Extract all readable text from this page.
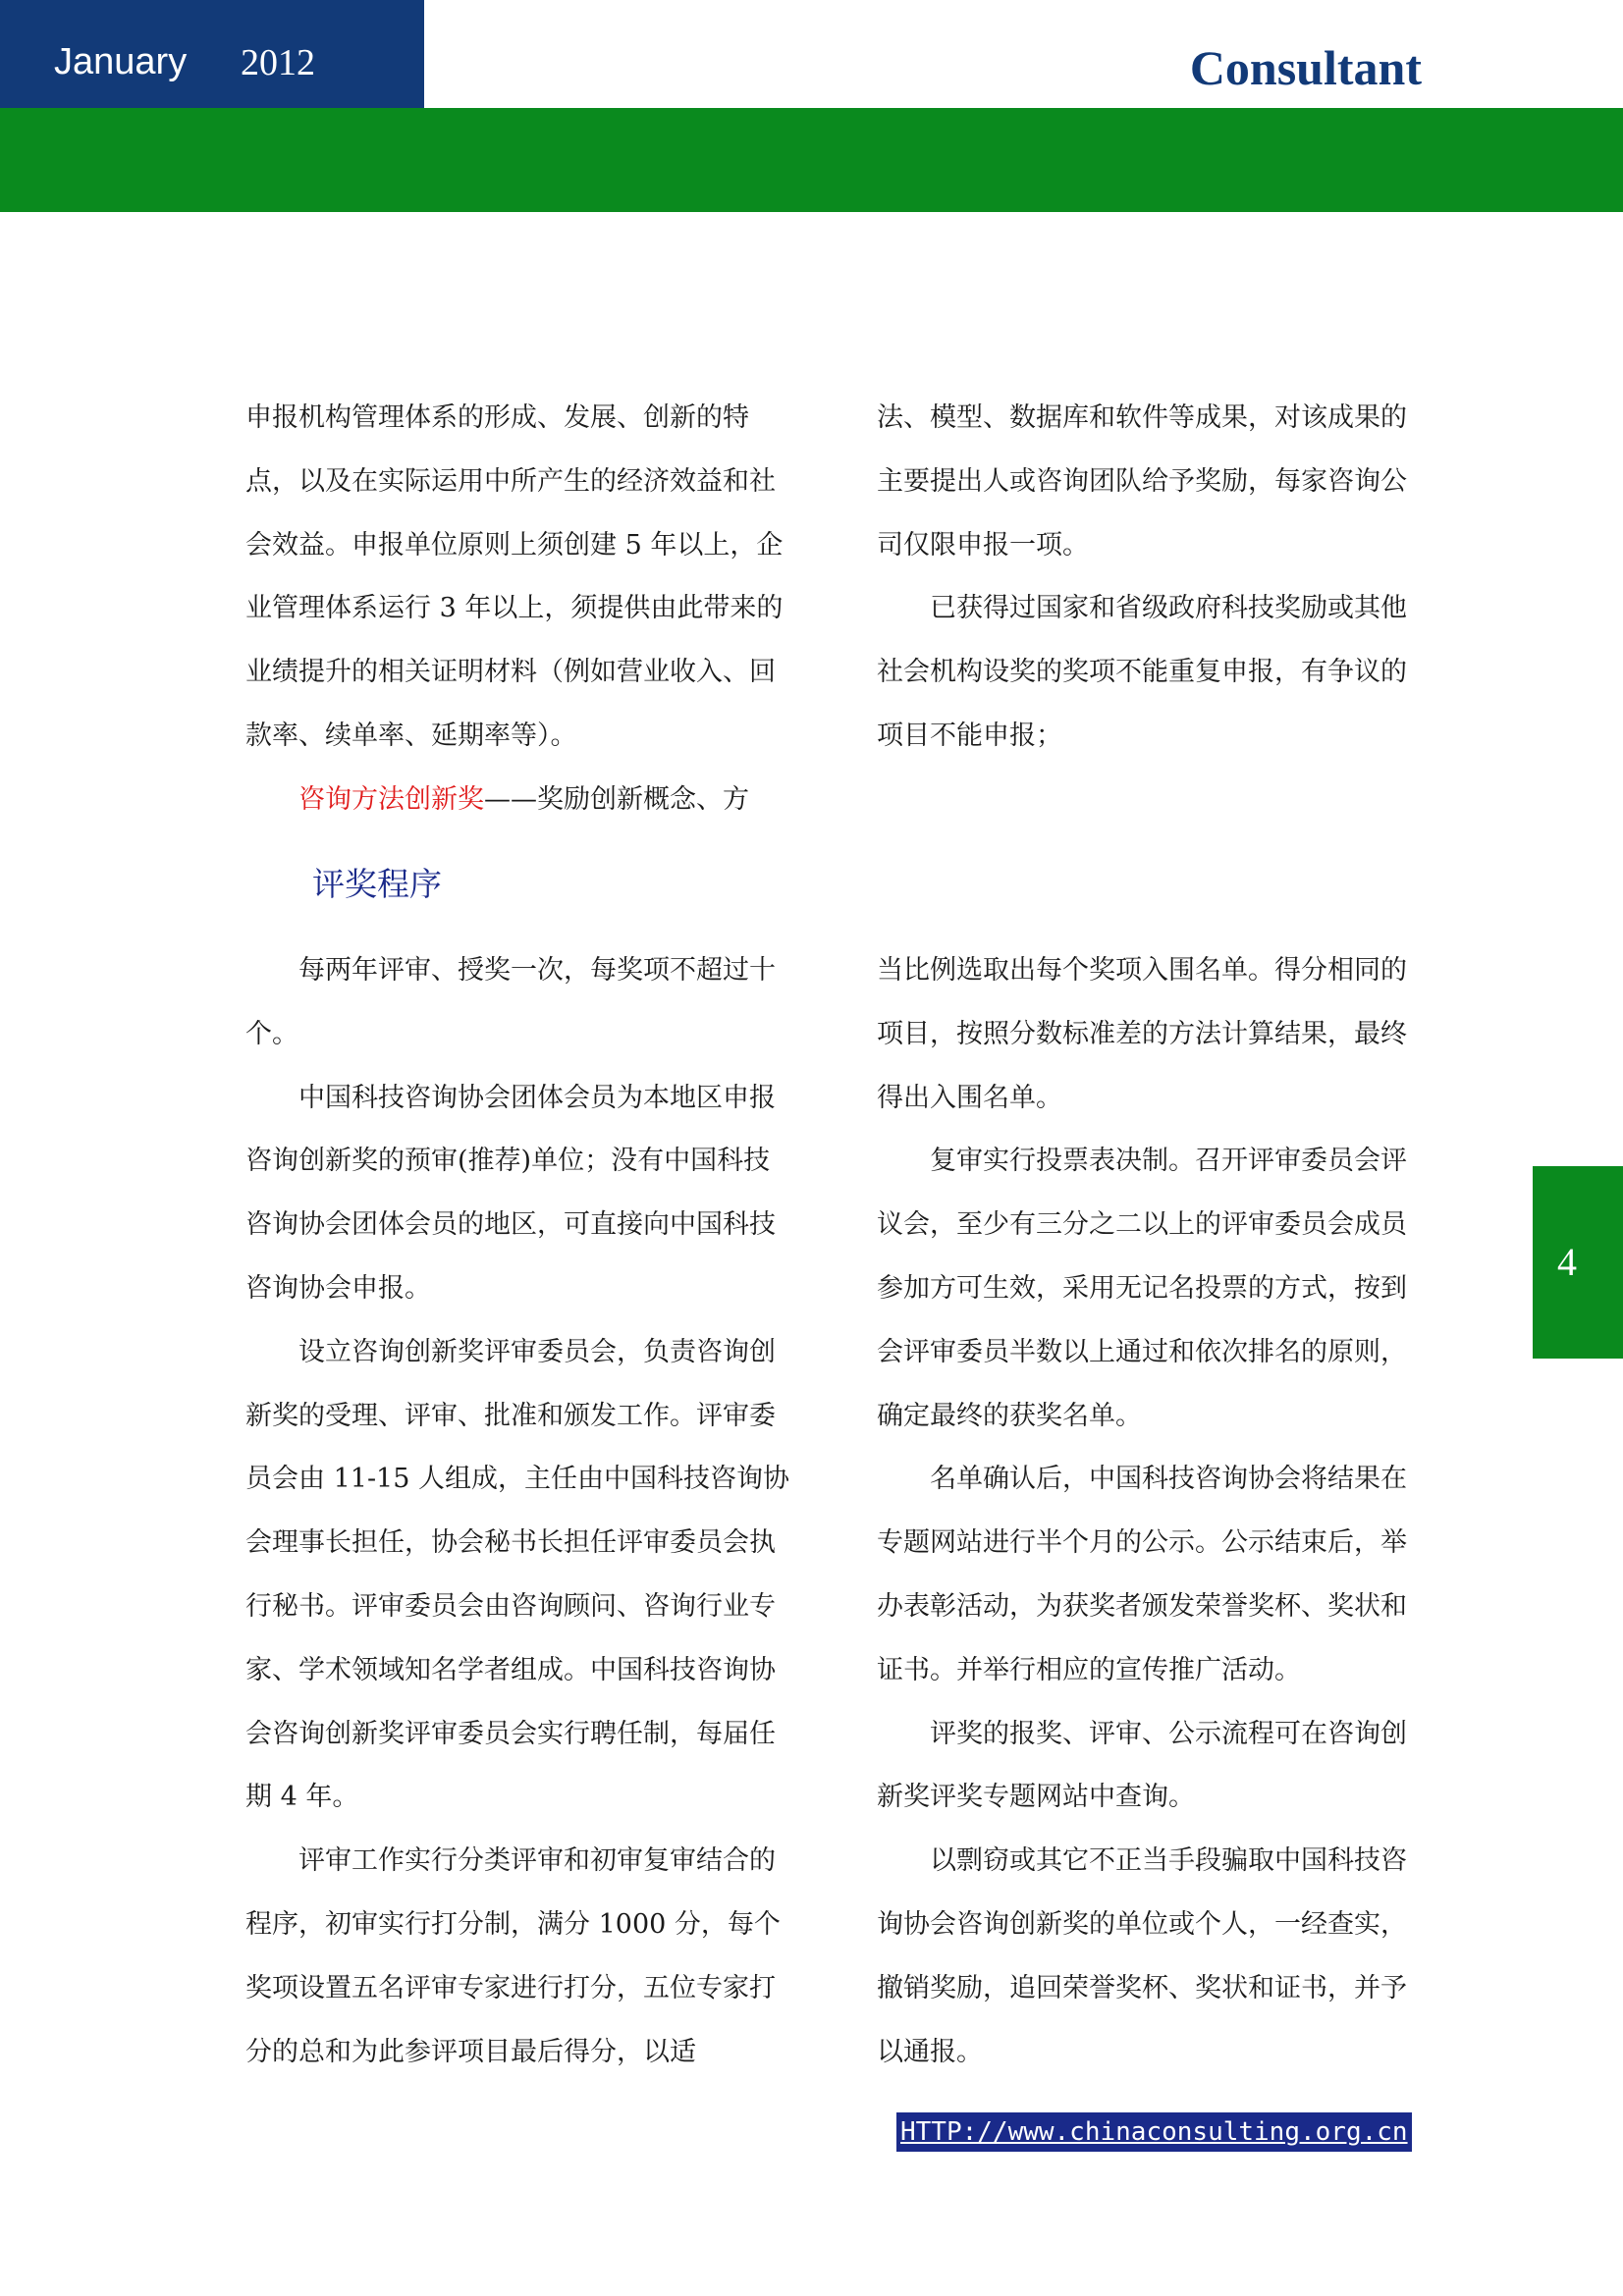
January 2012	Consultant
4

申报机构管理体系的形成、发展、创新的特点，以及在实际运用中所产生的经济效益和社会效益。申报单位原则上须创建 5 年以上，企业管理体系运行 3 年以上，须提供由此带来的业绩提升的相关证明材料（例如营业收入、回款率、续单率、延期率等）。

咨询方法创新奖——奖励创新概念、方

法、模型、数据库和软件等成果，对该成果的主要提出人或咨询团队给予奖励，每家咨询公司仅限申报一项。

已获得过国家和省级政府科技奖励或其他社会机构设奖的奖项不能重复申报，有争议的项目不能申报；

评奖程序

每两年评审、授奖一次，每奖项不超过十个。

中国科技咨询协会团体会员为本地区申报咨询创新奖的预审(推荐)单位；没有中国科技咨询协会团体会员的地区，可直接向中国科技咨询协会申报。

设立咨询创新奖评审委员会，负责咨询创新奖的受理、评审、批准和颁发工作。评审委员会由 11-15 人组成，主任由中国科技咨询协会理事长担任，协会秘书长担任评审委员会执行秘书。评审委员会由咨询顾问、咨询行业专家、学术领域知名学者组成。中国科技咨询协会咨询创新奖评审委员会实行聘任制，每届任期 4 年。

评审工作实行分类评审和初审复审结合的程序，初审实行打分制，满分 1000 分，每个奖项设置五名评审专家进行打分，五位专家打分的总和为此参评项目最后得分，以适

当比例选取出每个奖项入围名单。得分相同的项目，按照分数标准差的方法计算结果，最终得出入围名单。

复审实行投票表决制。召开评审委员会评议会，至少有三分之二以上的评审委员会成员参加方可生效，采用无记名投票的方式，按到会评审委员半数以上通过和依次排名的原则，确定最终的获奖名单。

名单确认后，中国科技咨询协会将结果在专题网站进行半个月的公示。公示结束后，举办表彰活动，为获奖者颁发荣誉奖杯、奖状和证书。并举行相应的宣传推广活动。

评奖的报奖、评审、公示流程可在咨询创新奖评奖专题网站中查询。

以剽窃或其它不正当手段骗取中国科技咨询协会咨询创新奖的单位或个人，一经查实，撤销奖励，追回荣誉奖杯、奖状和证书，并予以通报。

HTTP://www.chinaconsulting.org.cn
